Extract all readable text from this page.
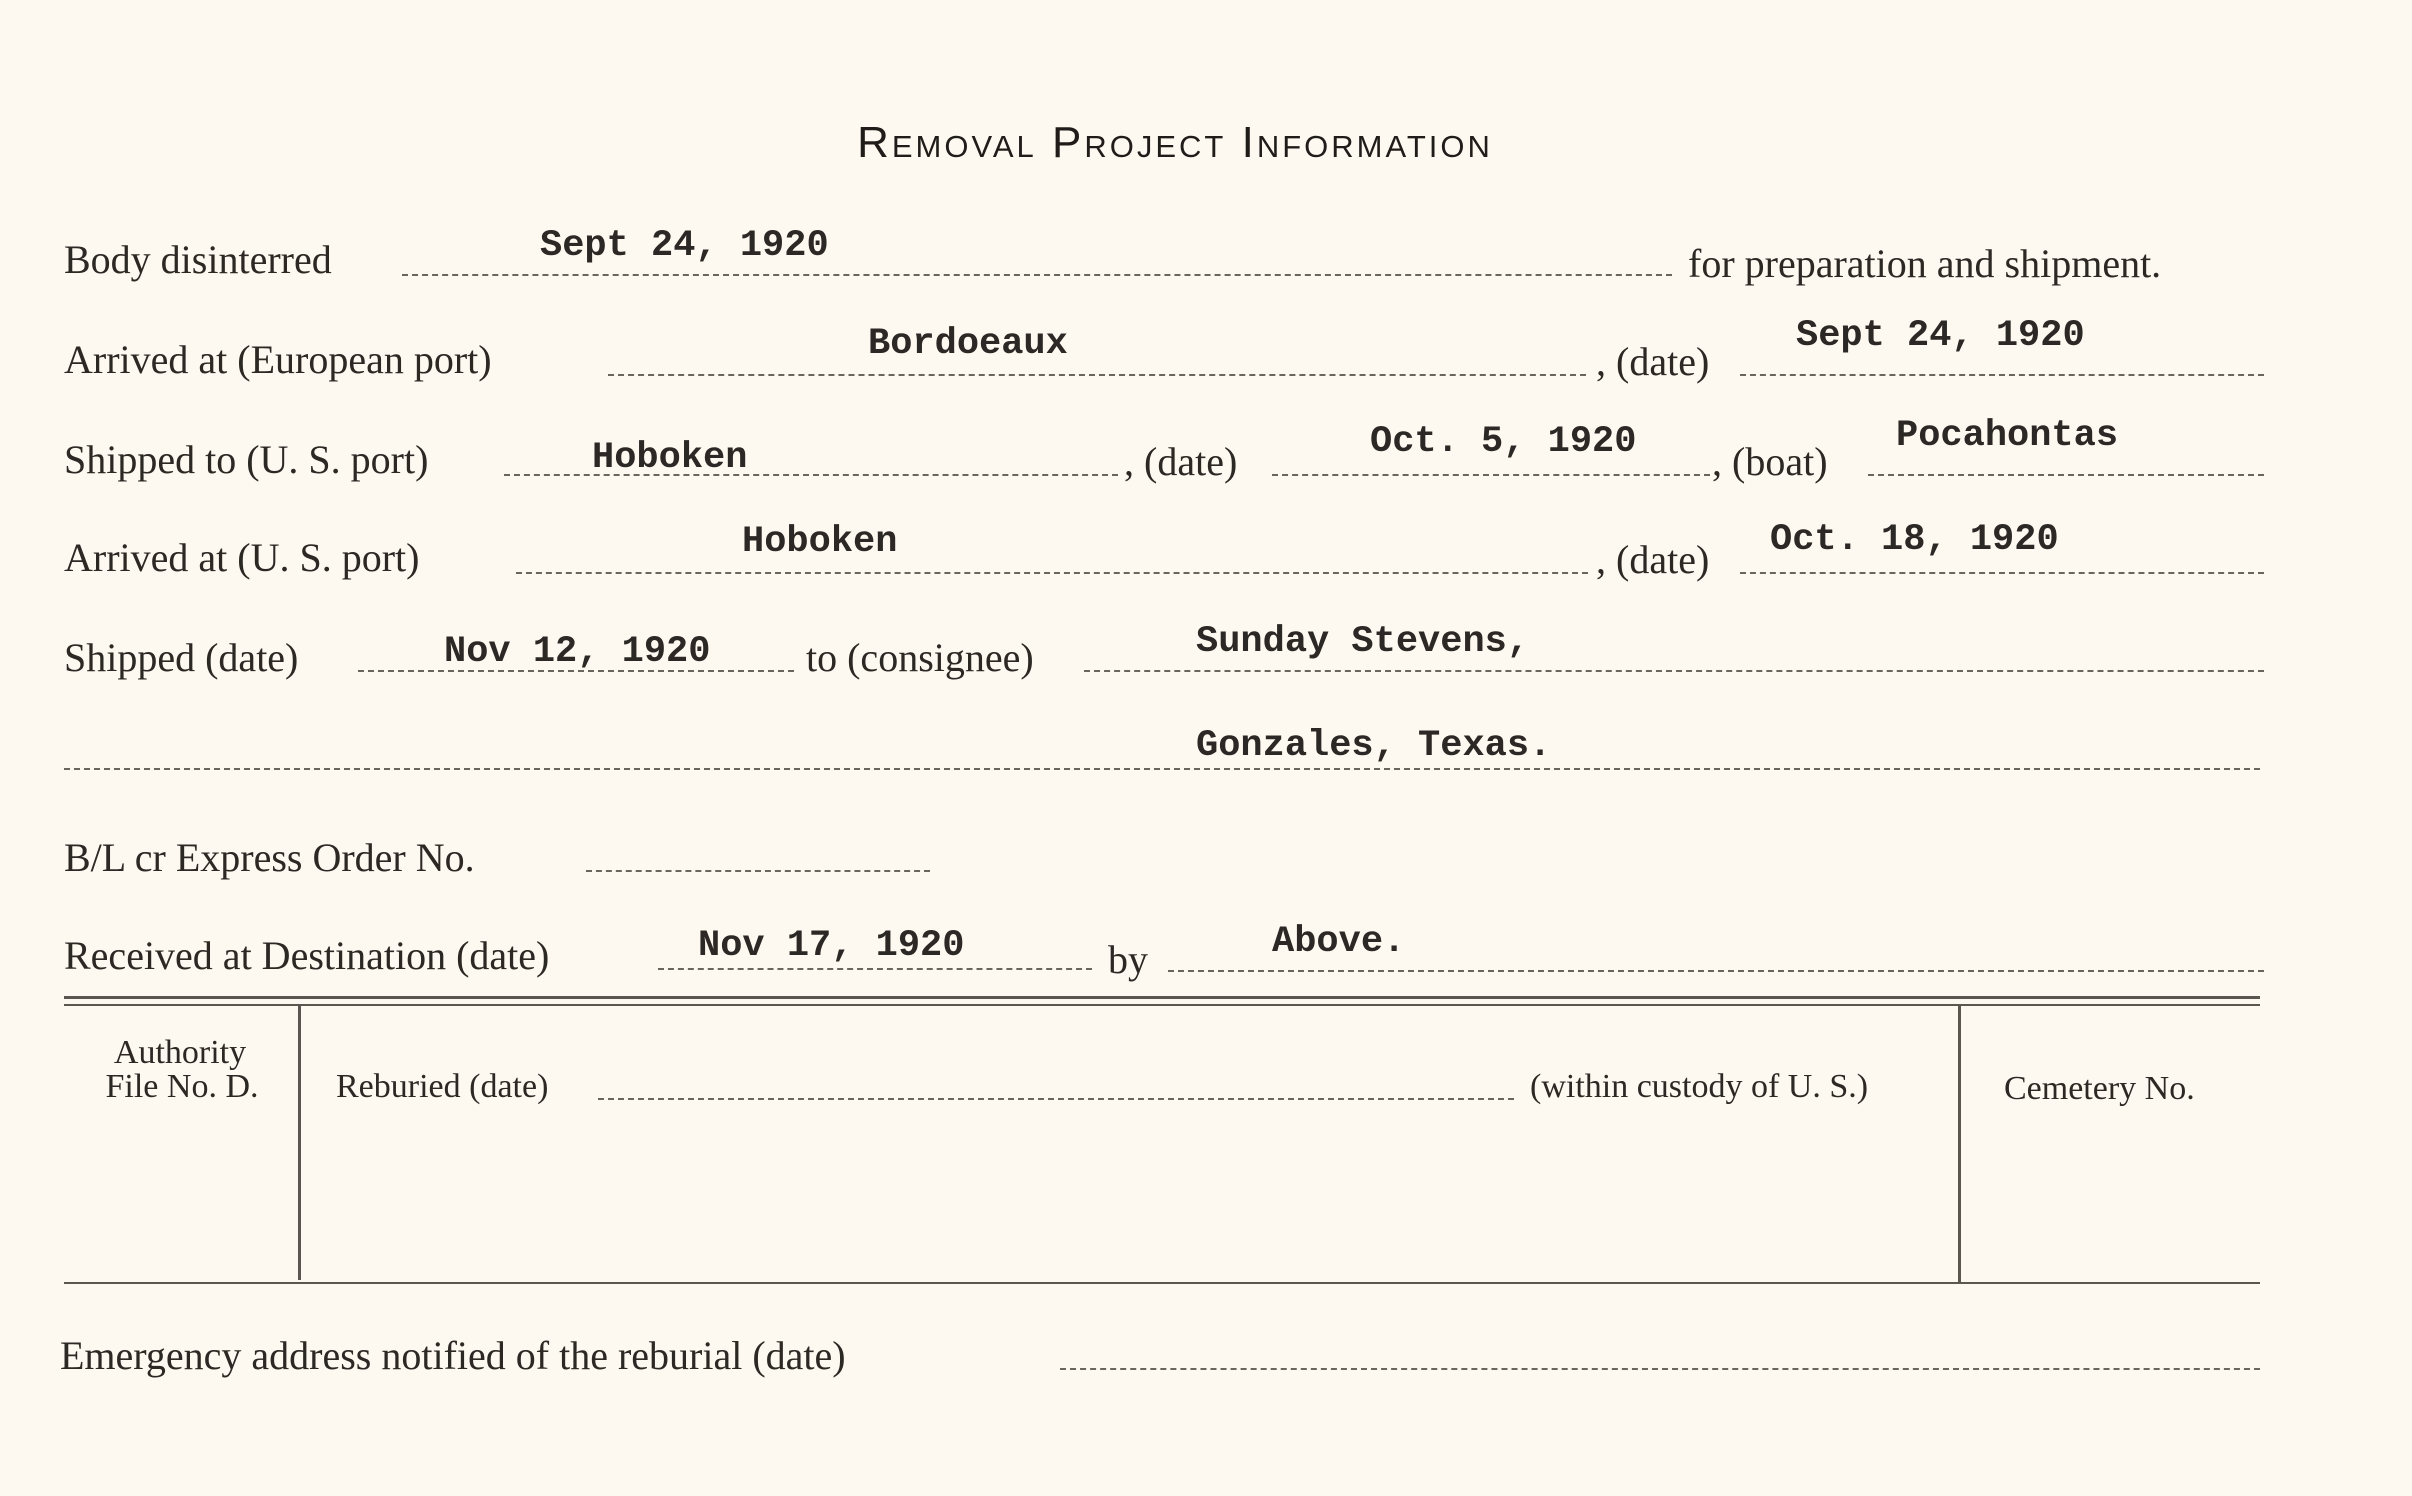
Removal Project Information
Body disinterred	Sept 24, 1920	for preparation and shipment.
Arrived at (European port)	Bordoeaux	, (date)
Sept 24, 1920
Shipped to (U. S. port)	Hoboken	, (date)	Oct. 5, 1920 , (boat)
Pocahontas
Arrived at (U. S. port)	Hoboken	, (date) Oct. 18, 1920
Shipped (date)	Nov 12, 1920 to (consignee)	Sunday Stevens,
Gonzales, Texas.
B/L cr Express Order No.
Received at Destination (date)	Nov 17, 1920	by	Above.
Authority
File No. D.	Reburied (date)	(within custody of U. S.)	Cemetery No.
Emergency address notified of the reburial (date)
